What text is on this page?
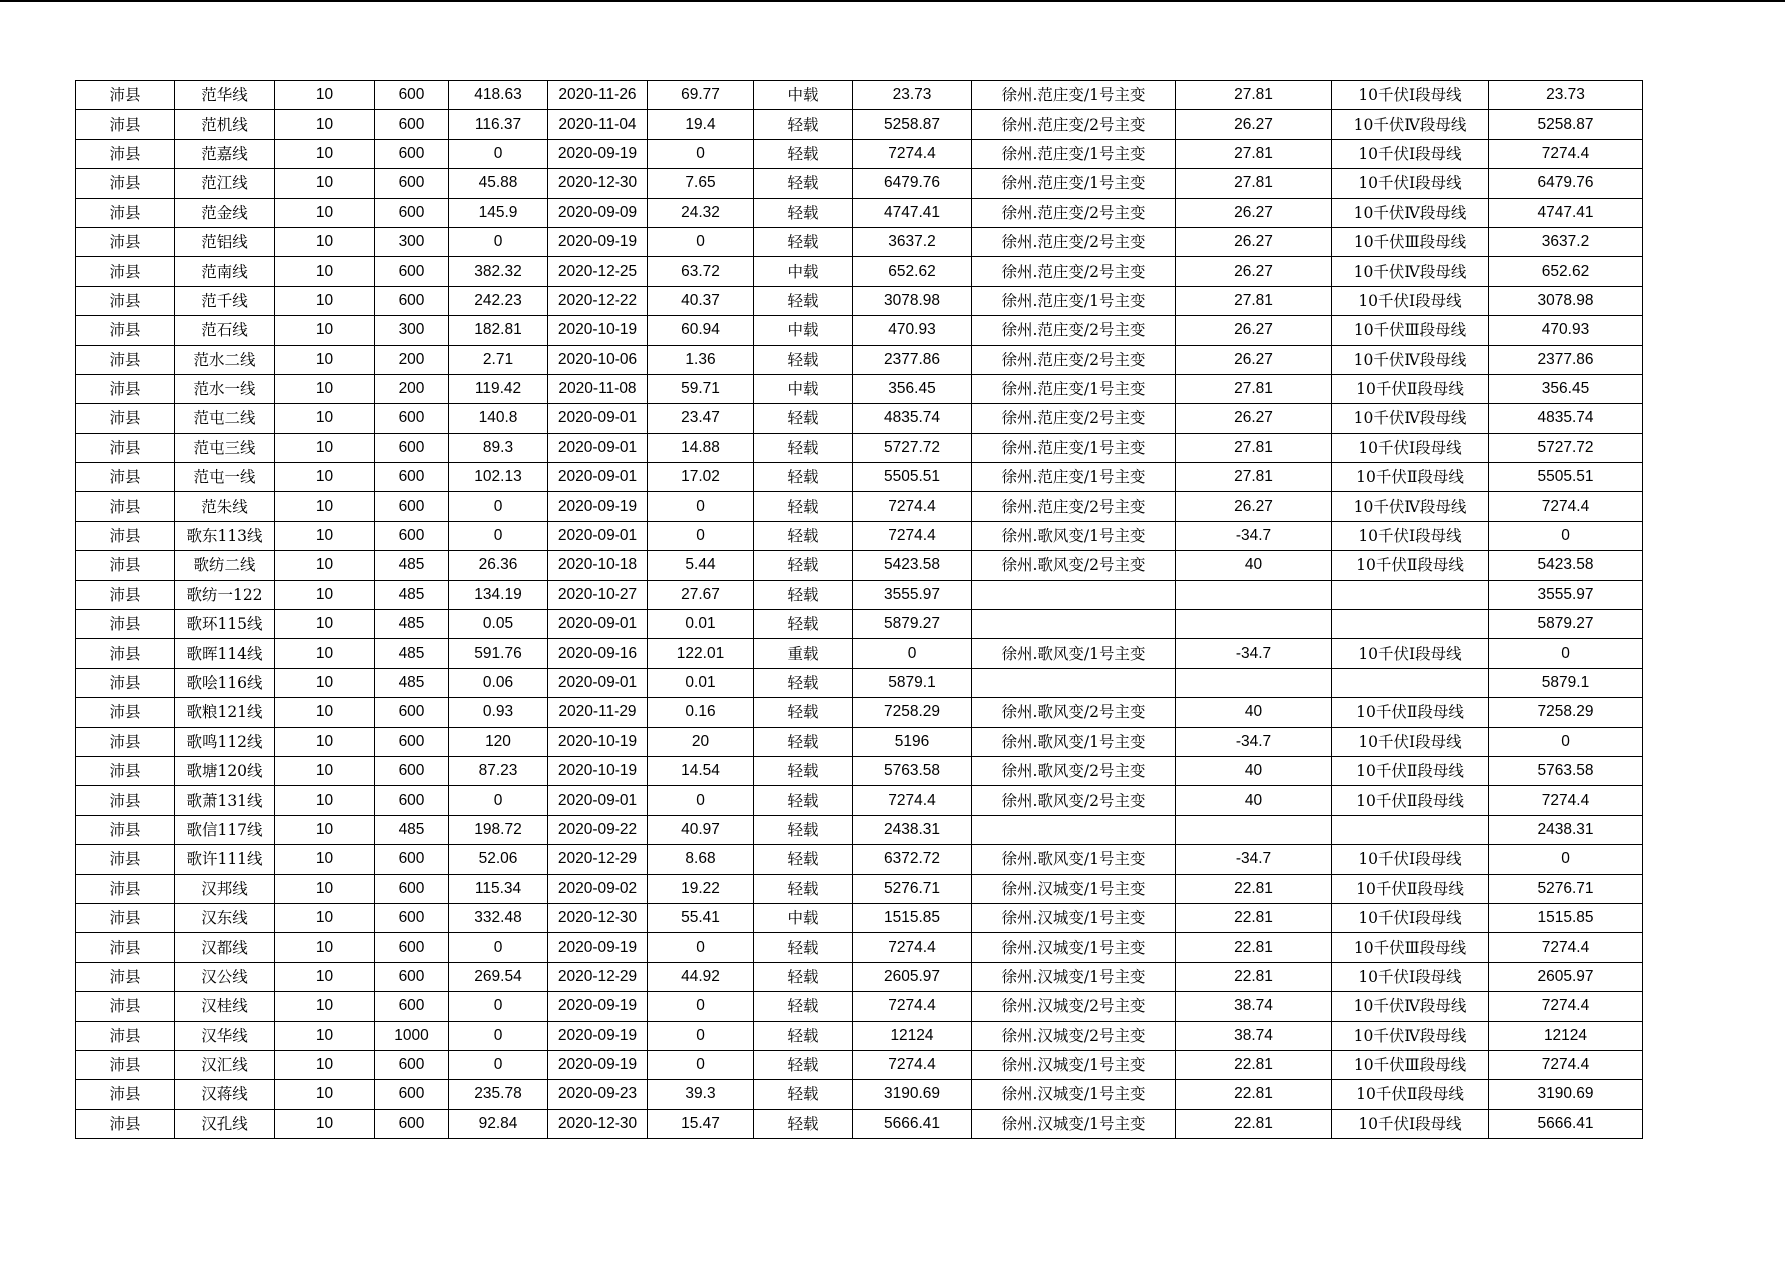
沛县	范华线	10	600	418.63	2020-11-26	69.77	中载	23.73	徐州.范庄变/1号主变	27.81	10千伏Ⅰ段母线	23.73
沛县	范机线	10	600	116.37	2020-11-04	19.4	轻载	5258.87	徐州.范庄变/2号主变	26.27	10千伏Ⅳ段母线	5258.87
沛县	范嘉线	10	600	0	2020-09-19	0	轻载	7274.4	徐州.范庄变/1号主变	27.81	10千伏Ⅰ段母线	7274.4
沛县	范江线	10	600	45.88	2020-12-30	7.65	轻载	6479.76	徐州.范庄变/1号主变	27.81	10千伏Ⅰ段母线	6479.76
沛县	范金线	10	600	145.9	2020-09-09	24.32	轻载	4747.41	徐州.范庄变/2号主变	26.27	10千伏Ⅳ段母线	4747.41
沛县	范铝线	10	300	0	2020-09-19	0	轻载	3637.2	徐州.范庄变/2号主变	26.27	10千伏Ⅲ段母线	3637.2
沛县	范南线	10	600	382.32	2020-12-25	63.72	中载	652.62	徐州.范庄变/2号主变	26.27	10千伏Ⅳ段母线	652.62
沛县	范千线	10	600	242.23	2020-12-22	40.37	轻载	3078.98	徐州.范庄变/1号主变	27.81	10千伏Ⅰ段母线	3078.98
沛县	范石线	10	300	182.81	2020-10-19	60.94	中载	470.93	徐州.范庄变/2号主变	26.27	10千伏Ⅲ段母线	470.93
沛县	范水二线	10	200	2.71	2020-10-06	1.36	轻载	2377.86	徐州.范庄变/2号主变	26.27	10千伏Ⅳ段母线	2377.86
沛县	范水一线	10	200	119.42	2020-11-08	59.71	中载	356.45	徐州.范庄变/1号主变	27.81	10千伏Ⅱ段母线	356.45
沛县	范屯二线	10	600	140.8	2020-09-01	23.47	轻载	4835.74	徐州.范庄变/2号主变	26.27	10千伏Ⅳ段母线	4835.74
沛县	范屯三线	10	600	89.3	2020-09-01	14.88	轻载	5727.72	徐州.范庄变/1号主变	27.81	10千伏Ⅰ段母线	5727.72
沛县	范屯一线	10	600	102.13	2020-09-01	17.02	轻载	5505.51	徐州.范庄变/1号主变	27.81	10千伏Ⅱ段母线	5505.51
沛县	范朱线	10	600	0	2020-09-19	0	轻载	7274.4	徐州.范庄变/2号主变	26.27	10千伏Ⅳ段母线	7274.4
沛县	歌东113线	10	600	0	2020-09-01	0	轻载	7274.4	徐州.歌风变/1号主变	-34.7	10千伏Ⅰ段母线	0
沛县	歌纺二线	10	485	26.36	2020-10-18	5.44	轻载	5423.58	徐州.歌风变/2号主变	40	10千伏Ⅱ段母线	5423.58
沛县	歌纺一122	10	485	134.19	2020-10-27	27.67	轻载	3555.97				3555.97
沛县	歌环115线	10	485	0.05	2020-09-01	0.01	轻载	5879.27				5879.27
沛县	歌晖114线	10	485	591.76	2020-09-16	122.01	重载	0	徐州.歌风变/1号主变	-34.7	10千伏Ⅰ段母线	0
沛县	歌哙116线	10	485	0.06	2020-09-01	0.01	轻载	5879.1				5879.1
沛县	歌粮121线	10	600	0.93	2020-11-29	0.16	轻载	7258.29	徐州.歌风变/2号主变	40	10千伏Ⅱ段母线	7258.29
沛县	歌鸣112线	10	600	120	2020-10-19	20	轻载	5196	徐州.歌风变/1号主变	-34.7	10千伏Ⅰ段母线	0
沛县	歌塘120线	10	600	87.23	2020-10-19	14.54	轻载	5763.58	徐州.歌风变/2号主变	40	10千伏Ⅱ段母线	5763.58
沛县	歌萧131线	10	600	0	2020-09-01	0	轻载	7274.4	徐州.歌风变/2号主变	40	10千伏Ⅱ段母线	7274.4
沛县	歌信117线	10	485	198.72	2020-09-22	40.97	轻载	2438.31				2438.31
沛县	歌许111线	10	600	52.06	2020-12-29	8.68	轻载	6372.72	徐州.歌风变/1号主变	-34.7	10千伏Ⅰ段母线	0
沛县	汉邦线	10	600	115.34	2020-09-02	19.22	轻载	5276.71	徐州.汉城变/1号主变	22.81	10千伏Ⅱ段母线	5276.71
沛县	汉东线	10	600	332.48	2020-12-30	55.41	中载	1515.85	徐州.汉城变/1号主变	22.81	10千伏Ⅰ段母线	1515.85
沛县	汉都线	10	600	0	2020-09-19	0	轻载	7274.4	徐州.汉城变/1号主变	22.81	10千伏Ⅲ段母线	7274.4
沛县	汉公线	10	600	269.54	2020-12-29	44.92	轻载	2605.97	徐州.汉城变/1号主变	22.81	10千伏Ⅰ段母线	2605.97
沛县	汉桂线	10	600	0	2020-09-19	0	轻载	7274.4	徐州.汉城变/2号主变	38.74	10千伏Ⅳ段母线	7274.4
沛县	汉华线	10	1000	0	2020-09-19	0	轻载	12124	徐州.汉城变/2号主变	38.74	10千伏Ⅳ段母线	12124
沛县	汉汇线	10	600	0	2020-09-19	0	轻载	7274.4	徐州.汉城变/1号主变	22.81	10千伏Ⅲ段母线	7274.4
沛县	汉蒋线	10	600	235.78	2020-09-23	39.3	轻载	3190.69	徐州.汉城变/1号主变	22.81	10千伏Ⅱ段母线	3190.69
沛县	汉孔线	10	600	92.84	2020-12-30	15.47	轻载	5666.41	徐州.汉城变/1号主变	22.81	10千伏Ⅰ段母线	5666.41
